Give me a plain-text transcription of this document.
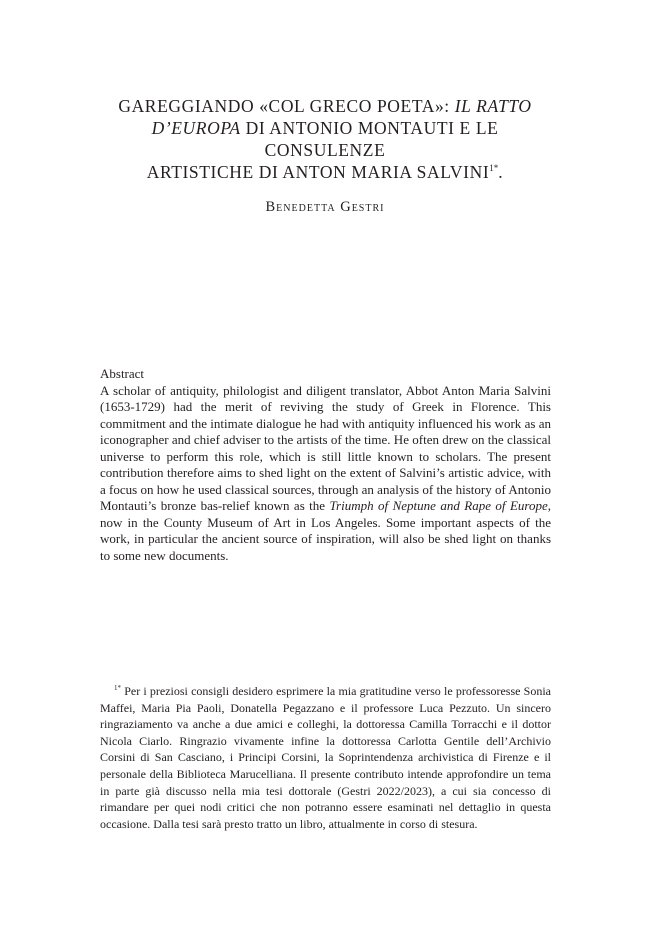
GAREGGIANDO «COL GRECO POETA»: IL RATTO

D’EUROPA DI ANTONIO MONTAUTI E LE CONSULENZE

ARTISTICHE DI ANTON MARIA $SALVINI^{1*}$.

Benedetta Gestri
Abstract

A scholar of antiquity, philologist and diligent translator, Abbot Anton Maria Salvini (1653-1729) had the merit of reviving the study of Greek in Florence. This commitment and the intimate dialogue he had with antiquity influenced his work as an iconographer and chief adviser to the artists of the time. He often drew on the classical universe to perform this role, which is still little known to scholars. The present contribution therefore aims to shed light on the extent of Salvini’s artistic advice, with a focus on how he used classical sources, through an analysis of the history of Antonio Montauti’s bronze bas-relief known as the Triumph of Neptune and Rape of Europe, now in the County Museum of Art in Los Angeles. Some important aspects of the work, in particular the ancient source of inspiration, will also be shed light on thanks to some new documents.

$^{1*}$ Per i preziosi consigli desidero esprimere la mia gratitudine verso le professoresse Sonia Maffei, Maria Pia Paoli, Donatella Pegazzano e il professore Luca Pezzuto. Un sincero ringraziamento va anche a due amici e colleghi, la dottoressa Camilla Torracchi e il dottor Nicola Ciarlo. Ringrazio vivamente infine la dottoressa Carlotta Gentile dell’Archivio Corsini di San Casciano, i Principi Corsini, la Soprintendenza archivistica di Firenze e il personale della Biblioteca Marucelliana. Il presente contributo intende approfondire un tema in parte già discusso nella mia tesi dottorale (Gestri 2022/2023), a cui sia concesso di rimandare per quei nodi critici che non potranno essere esaminati nel dettaglio in questa occasione. Dalla tesi sarà presto tratto un libro, attualmente in corso di stesura.
